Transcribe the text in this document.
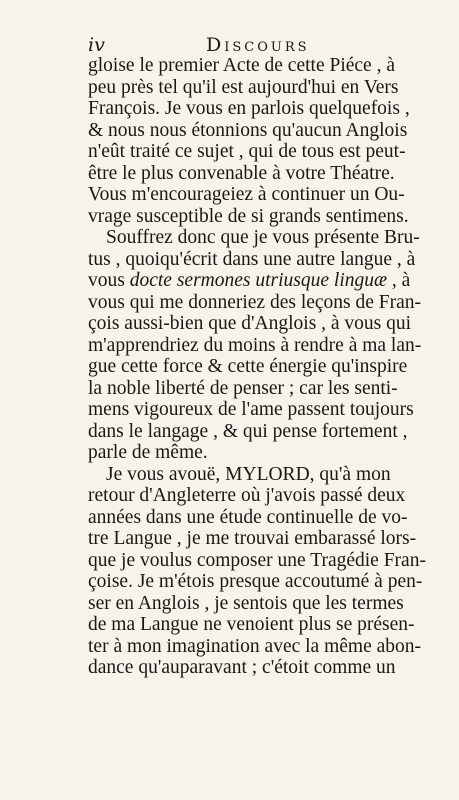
iv	Discours
gloise le premier Acte de cette Piéce , à
peu près tel qu'il est aujourd'hui en Vers
François. Je vous en parlois quelquefois ,
& nous nous étonnions qu'aucun Anglois
n'eût traité ce sujet , qui de tous est peut-
être le plus convenable à votre Théatre.
Vous m'encourageiez à continuer un Ou-
vrage susceptible de si grands sentimens.
Souffrez donc que je vous présente Bru-
tus , quoiqu'écrit dans une autre langue , à
vous docte sermones utriusque linguæ , à
vous qui me donneriez des leçons de Fran-
çois aussi-bien que d'Anglois , à vous qui
m'apprendriez du moins à rendre à ma lan-
gue cette force & cette énergie qu'inspire
la noble liberté de penser ; car les senti-
mens vigoureux de l'ame passent toujours
dans le langage , & qui pense fortement ,
parle de même.
Je vous avouë, MYLORD, qu'à mon
retour d'Angleterre où j'avois passé deux
années dans une étude continuelle de vo-
tre Langue , je me trouvai embarassé lors-
que je voulus composer une Tragédie Fran-
çoise. Je m'étois presque accoutumé à pen-
ser en Anglois , je sentois que les termes
de ma Langue ne venoient plus se présen-
ter à mon imagination avec la même abon-
dance qu'auparavant ; c'étoit comme un
